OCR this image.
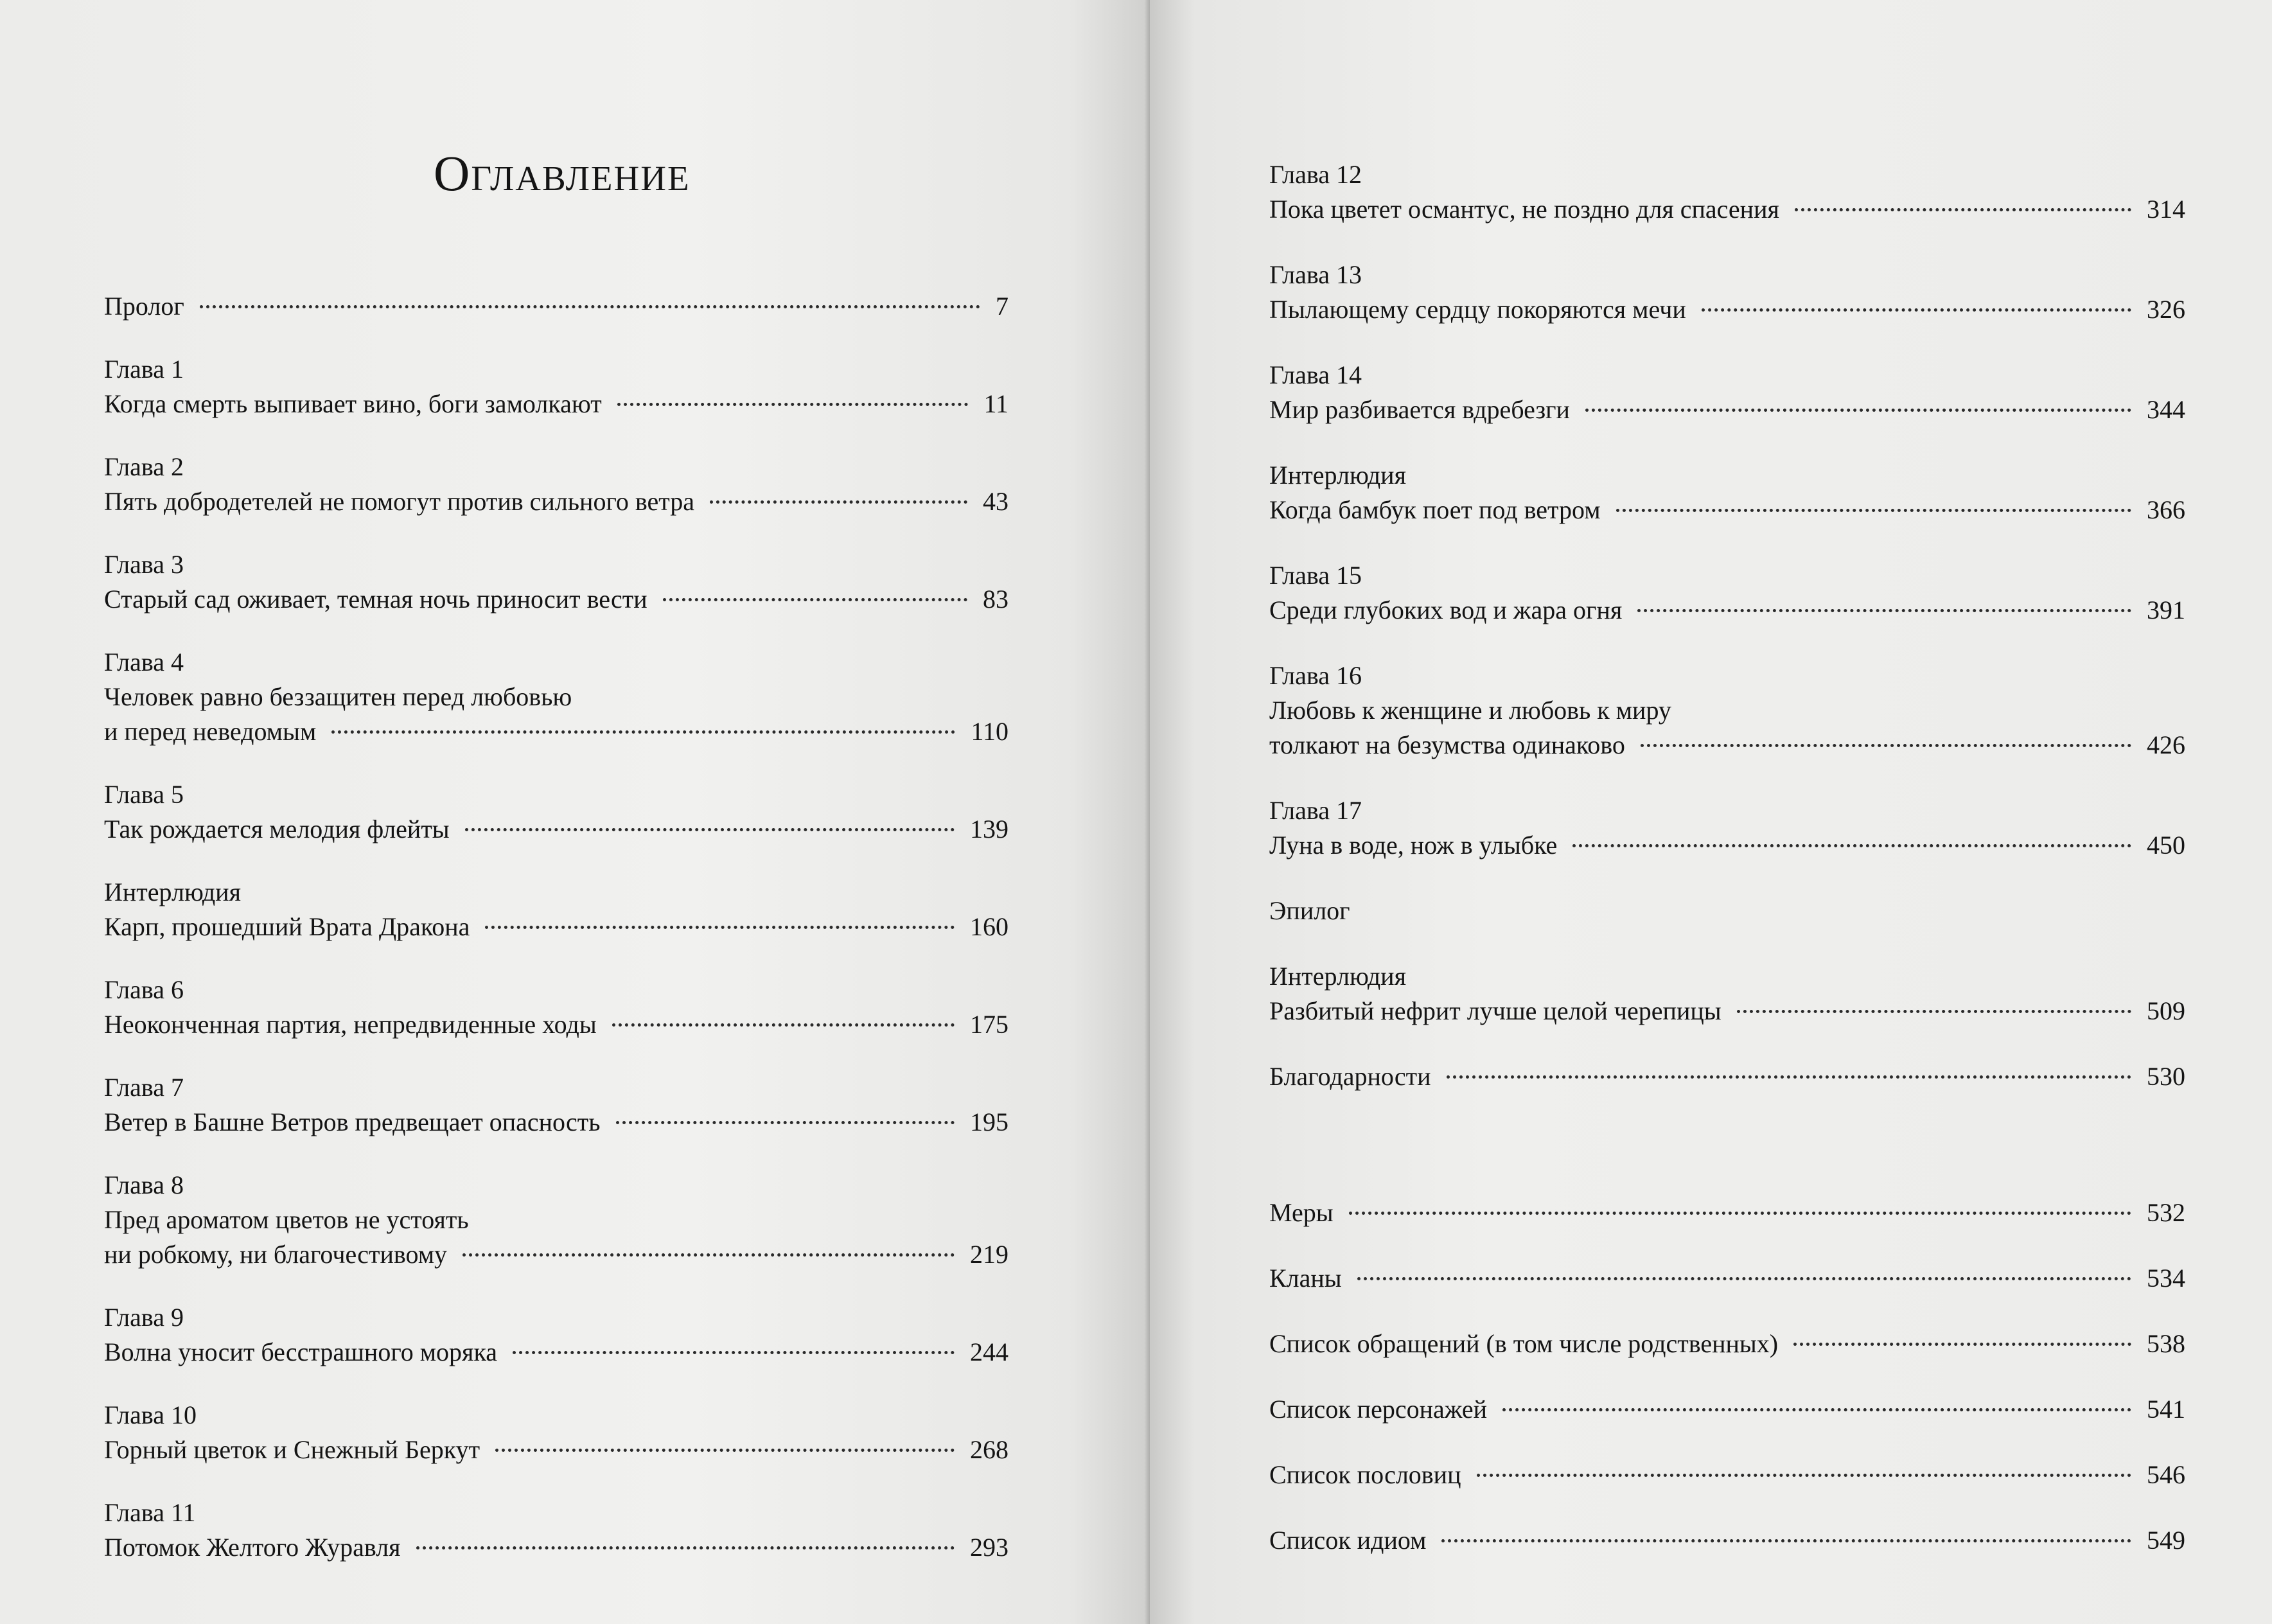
Оглавление
Пролог	7
Глава 1
Когда смерть выпивает вино, боги замолкают	11
Глава 2
Пять добродетелей не помогут против сильного ветра	43
Глава 3
Старый сад оживает, темная ночь приносит вести	83
Глава 4
Человек равно беззащитен перед любовью
и перед неведомым	110
Глава 5
Так рождается мелодия флейты	139
Интерлюдия
Карп, прошедший Врата Дракона	160
Глава 6
Неоконченная партия, непредвиденные ходы	175
Глава 7
Ветер в Башне Ветров предвещает опасность	195
Глава 8
Пред ароматом цветов не устоять
ни робкому, ни благочестивому	219
Глава 9
Волна уносит бесстрашного моряка	244
Глава 10
Горный цветок и Снежный Беркут	268
Глава 11
Потомок Желтого Журавля	293
Глава 12
Пока цветет османтус, не поздно для спасения	314
Глава 13
Пылающему сердцу покоряются мечи	326
Глава 14
Мир разбивается вдребезги	344
Интерлюдия
Когда бамбук поет под ветром	366
Глава 15
Среди глубоких вод и жара огня	391
Глава 16
Любовь к женщине и любовь к миру
толкают на безумства одинаково	426
Глава 17
Луна в воде, нож в улыбке	450
Эпилог
Интерлюдия
Разбитый нефрит лучше целой черепицы	509
Благодарности	530
Меры	532
Кланы	534
Список обращений (в том числе родственных)	538
Список персонажей	541
Список пословиц	546
Список идиом	549
